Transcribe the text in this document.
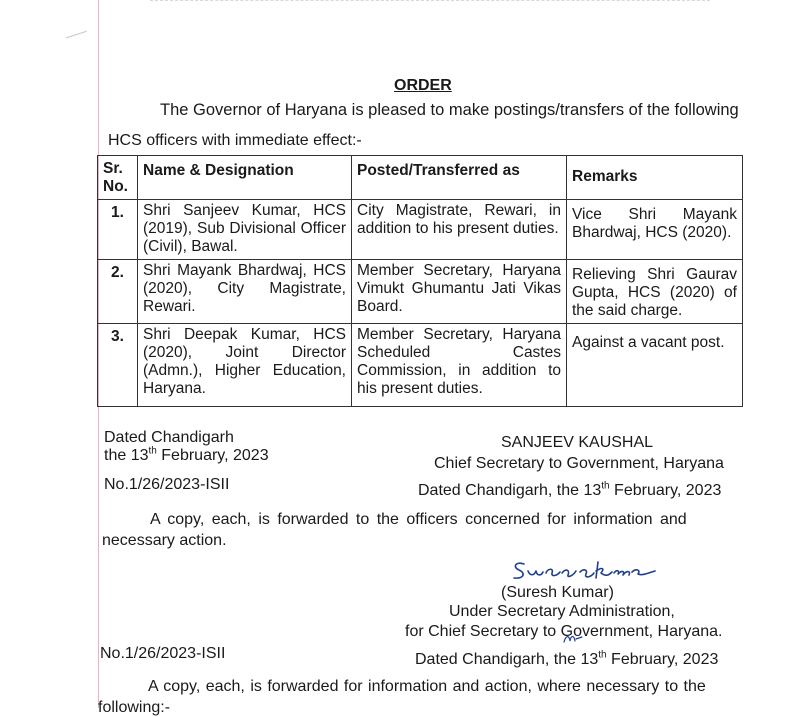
ORDER
The Governor of Haryana is pleased to make postings/transfers of the following
HCS officers with immediate effect:-
Sr. No.	Name & Designation	Posted/Transferred as	Remarks
1.	Shri Sanjeev Kumar, HCS (2019), Sub Divisional Officer (Civil), Bawal.	City Magistrate, Rewari, in addition to his present duties.	Vice Shri Mayank Bhardwaj, HCS (2020).
2.	Shri Mayank Bhardwaj, HCS (2020), City Magistrate, Rewari.	Member Secretary, Haryana Vimukt Ghumantu Jati Vikas Board.	Relieving Shri Gaurav Gupta, HCS (2020) of the said charge.
3.	Shri Deepak Kumar, HCS (2020), Joint Director (Admn.), Higher Education, Haryana.	Member Secretary, Haryana Scheduled Castes Commission, in addition to his present duties.	Against a vacant post.
Dated Chandigarh
the 13th February, 2023
SANJEEV KAUSHAL
Chief Secretary to Government, Haryana
No.1/26/2023-ISII	Dated Chandigarh, the 13th February, 2023
A copy, each, is forwarded to the officers concerned for information and
necessary action.
(Suresh Kumar)
Under Secretary Administration,
for Chief Secretary to Government, Haryana.
No.1/26/2023-ISII	Dated Chandigarh, the 13th February, 2023
A copy, each, is forwarded for information and action, where necessary to the
following:-
